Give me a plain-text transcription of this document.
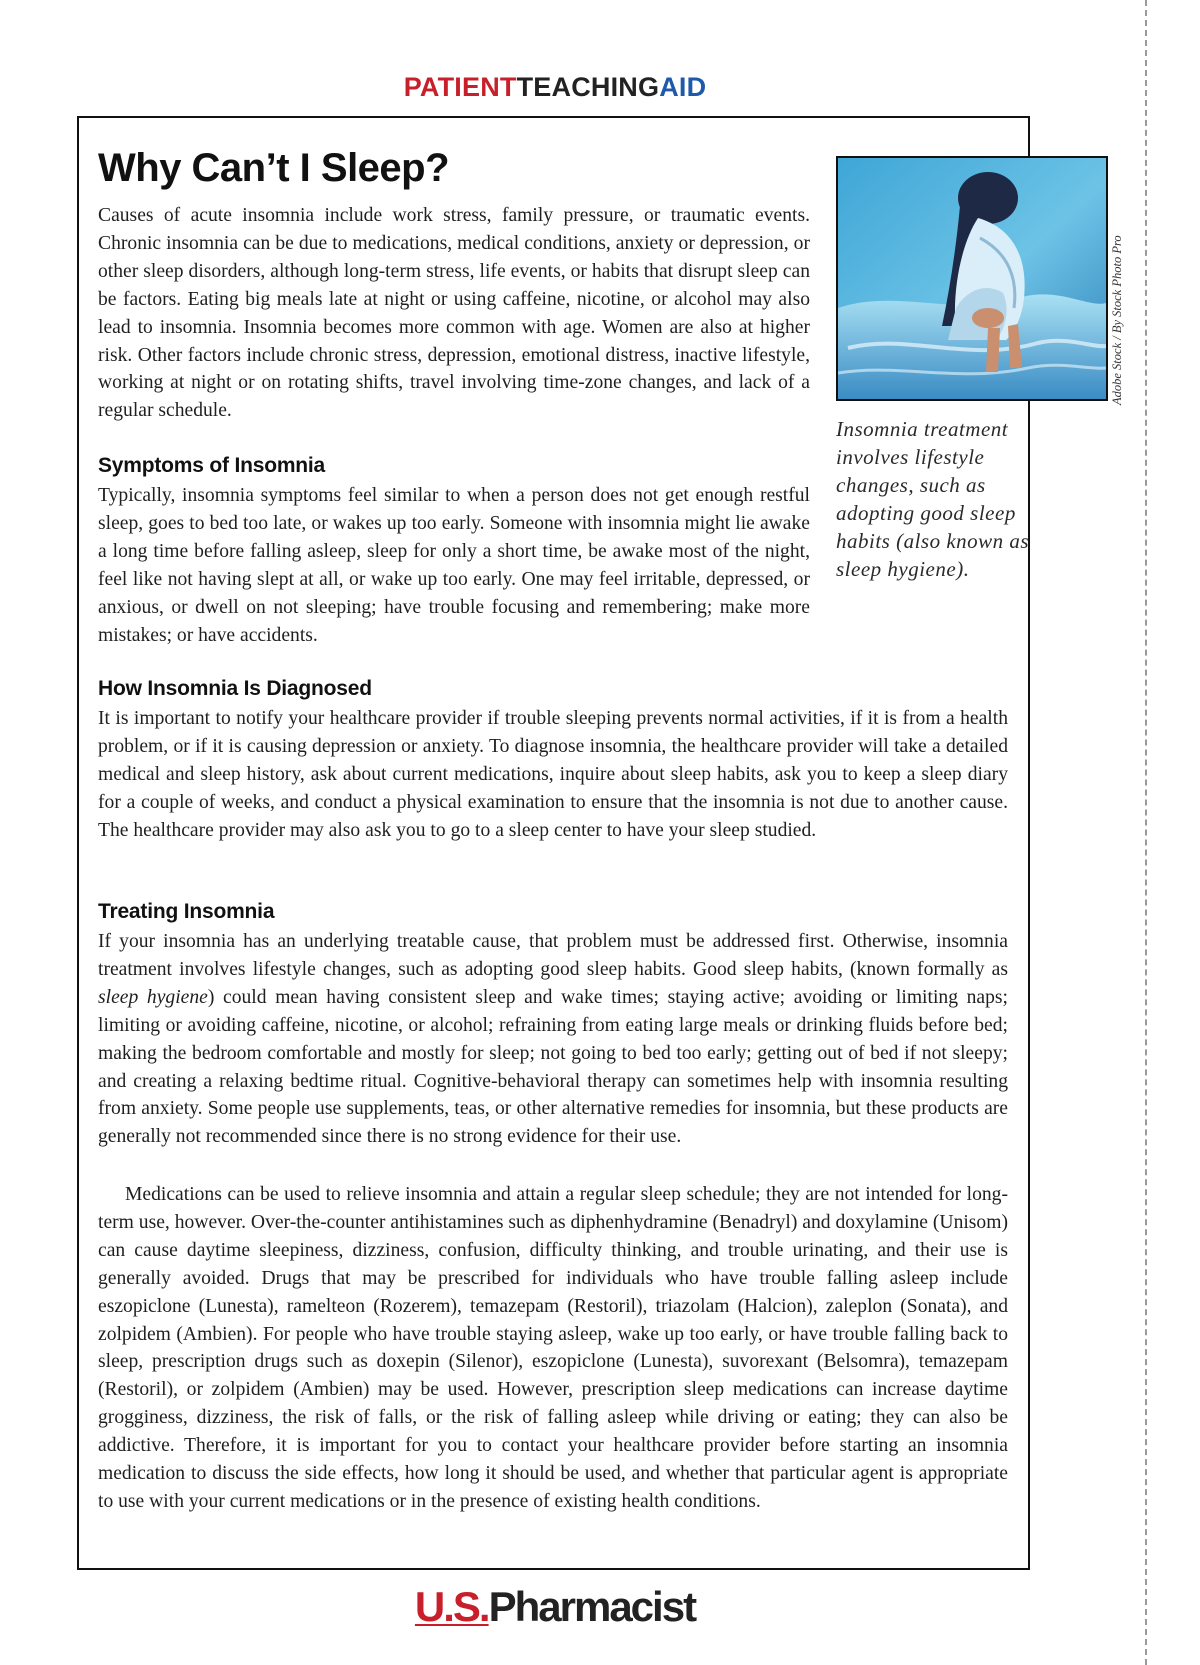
PATIENTTEACHINGAID
Why Can’t I Sleep?

Causes of acute insomnia include work stress, family pressure, or traumatic events. Chronic insomnia can be due to medications, medical conditions, anxiety or depression, or other sleep disorders, although long-term stress, life events, or habits that disrupt sleep can be factors. Eating big meals late at night or using caffeine, nicotine, or alcohol may also lead to insomnia. Insomnia becomes more common with age. Women are also at higher risk. Other factors include chronic stress, depression, emotional distress, inactive lifestyle, working at night or on rotating shifts, travel involving time-zone changes, and lack of a regular schedule.

Symptoms of Insomnia

Typically, insomnia symptoms feel similar to when a person does not get enough restful sleep, goes to bed too late, or wakes up too early. Someone with insomnia might lie awake a long time before falling asleep, sleep for only a short time, be awake most of the night, feel like not having slept at all, or wake up too early. One may feel irritable, depressed, or anxious, or dwell on not sleeping; have trouble focusing and remembering; make more mistakes; or have accidents.

How Insomnia Is Diagnosed

It is important to notify your healthcare provider if trouble sleeping prevents normal activities, if it is from a health problem, or if it is causing depression or anxiety. To diagnose insomnia, the healthcare provider will take a detailed medical and sleep history, ask about current medications, inquire about sleep habits, ask you to keep a sleep diary for a couple of weeks, and conduct a physical examination to ensure that the insomnia is not due to another cause. The healthcare provider may also ask you to go to a sleep center to have your sleep studied.

Treating Insomnia

If your insomnia has an underlying treatable cause, that problem must be addressed first. Otherwise, insomnia treatment involves lifestyle changes, such as adopting good sleep habits. Good sleep habits, (known formally as sleep hygiene) could mean having consistent sleep and wake times; staying active; avoiding or limiting naps; limiting or avoiding caffeine, nicotine, or alcohol; refraining from eating large meals or drinking fluids before bed; making the bedroom comfortable and mostly for sleep; not going to bed too early; getting out of bed if not sleepy; and creating a relaxing bedtime ritual. Cognitive-behavioral therapy can sometimes help with insomnia resulting from anxiety. Some people use supplements, teas, or other alternative remedies for insomnia, but these products are generally not recommended since there is no strong evidence for their use.

Medications can be used to relieve insomnia and attain a regular sleep schedule; they are not intended for long-term use, however. Over-the-counter antihistamines such as diphenhydramine (Benadryl) and doxylamine (Unisom) can cause daytime sleepiness, dizziness, confusion, difficulty thinking, and trouble urinating, and their use is generally avoided. Drugs that may be prescribed for individuals who have trouble falling asleep include eszopiclone (Lunesta), ramelteon (Rozerem), temazepam (Restoril), triazolam (Halcion), zaleplon (Sonata), and zolpidem (Ambien). For people who have trouble staying asleep, wake up too early, or have trouble falling back to sleep, prescription drugs such as doxepin (Silenor), eszopiclone (Lunesta), suvorexant (Belsomra), temazepam (Restoril), or zolpidem (Ambien) may be used. However, prescription sleep medications can increase daytime grogginess, dizziness, the risk of falls, or the risk of falling asleep while driving or eating; they can also be addictive. Therefore, it is important for you to contact your healthcare provider before starting an insomnia medication to discuss the side effects, how long it should be used, and whether that particular agent is appropriate to use with your current medications or in the presence of existing health conditions.

Adobe Stock / By Stock Photo Pro

Insomnia treatment involves lifestyle changes, such as adopting good sleep habits (also known as sleep hygiene).

U.S.Pharmacist
